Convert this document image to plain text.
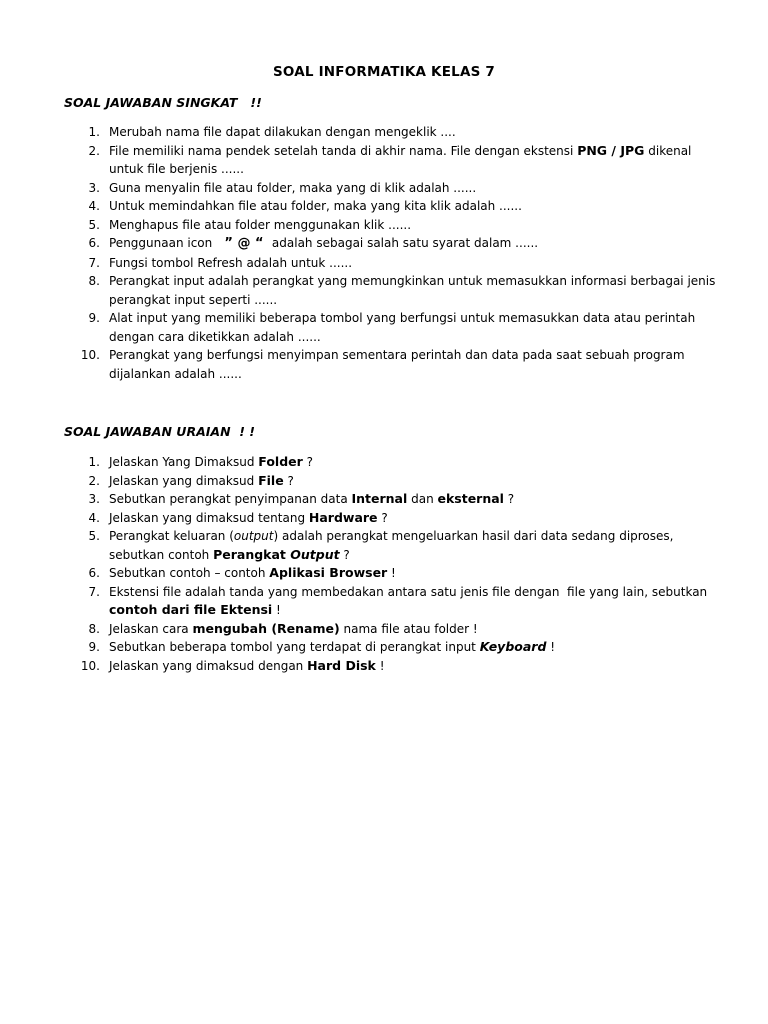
SOAL INFORMATIKA KELAS 7
SOAL JAWABAN SINGKAT   !!
1. Merubah nama file dapat dilakukan dengan mengeklik ....
2. File memiliki nama pendek setelah tanda di akhir nama. File dengan ekstensi PNG / JPG dikenal untuk file berjenis ......
3. Guna menyalin file atau folder, maka yang di klik adalah ......
4. Untuk memindahkan file atau folder, maka yang kita klik adalah ......
5. Menghapus file atau folder menggunakan klik ......
6. Penggunaan icon   ” @ “  adalah sebagai salah satu syarat dalam ......
7. Fungsi tombol Refresh adalah untuk ......
8. Perangkat input adalah perangkat yang memungkinkan untuk memasukkan informasi berbagai jenis perangkat input seperti ......
9. Alat input yang memiliki beberapa tombol yang berfungsi untuk memasukkan data atau perintah dengan cara diketikkan adalah ......
10. Perangkat yang berfungsi menyimpan sementara perintah dan data pada saat sebuah program dijalankan adalah ......
SOAL JAWABAN URAIAN  ! !
1. Jelaskan Yang Dimaksud Folder ?
2. Jelaskan yang dimaksud File ?
3. Sebutkan perangkat penyimpanan data Internal dan eksternal ?
4. Jelaskan yang dimaksud tentang Hardware ?
5. Perangkat keluaran (output) adalah perangkat mengeluarkan hasil dari data sedang diproses, sebutkan contoh Perangkat Output ?
6. Sebutkan contoh – contoh Aplikasi Browser !
7. Ekstensi file adalah tanda yang membedakan antara satu jenis file dengan  file yang lain, sebutkan contoh dari file Ektensi !
8. Jelaskan cara mengubah (Rename) nama file atau folder !
9. Sebutkan beberapa tombol yang terdapat di perangkat input Keyboard !
10. Jelaskan yang dimaksud dengan Hard Disk !
